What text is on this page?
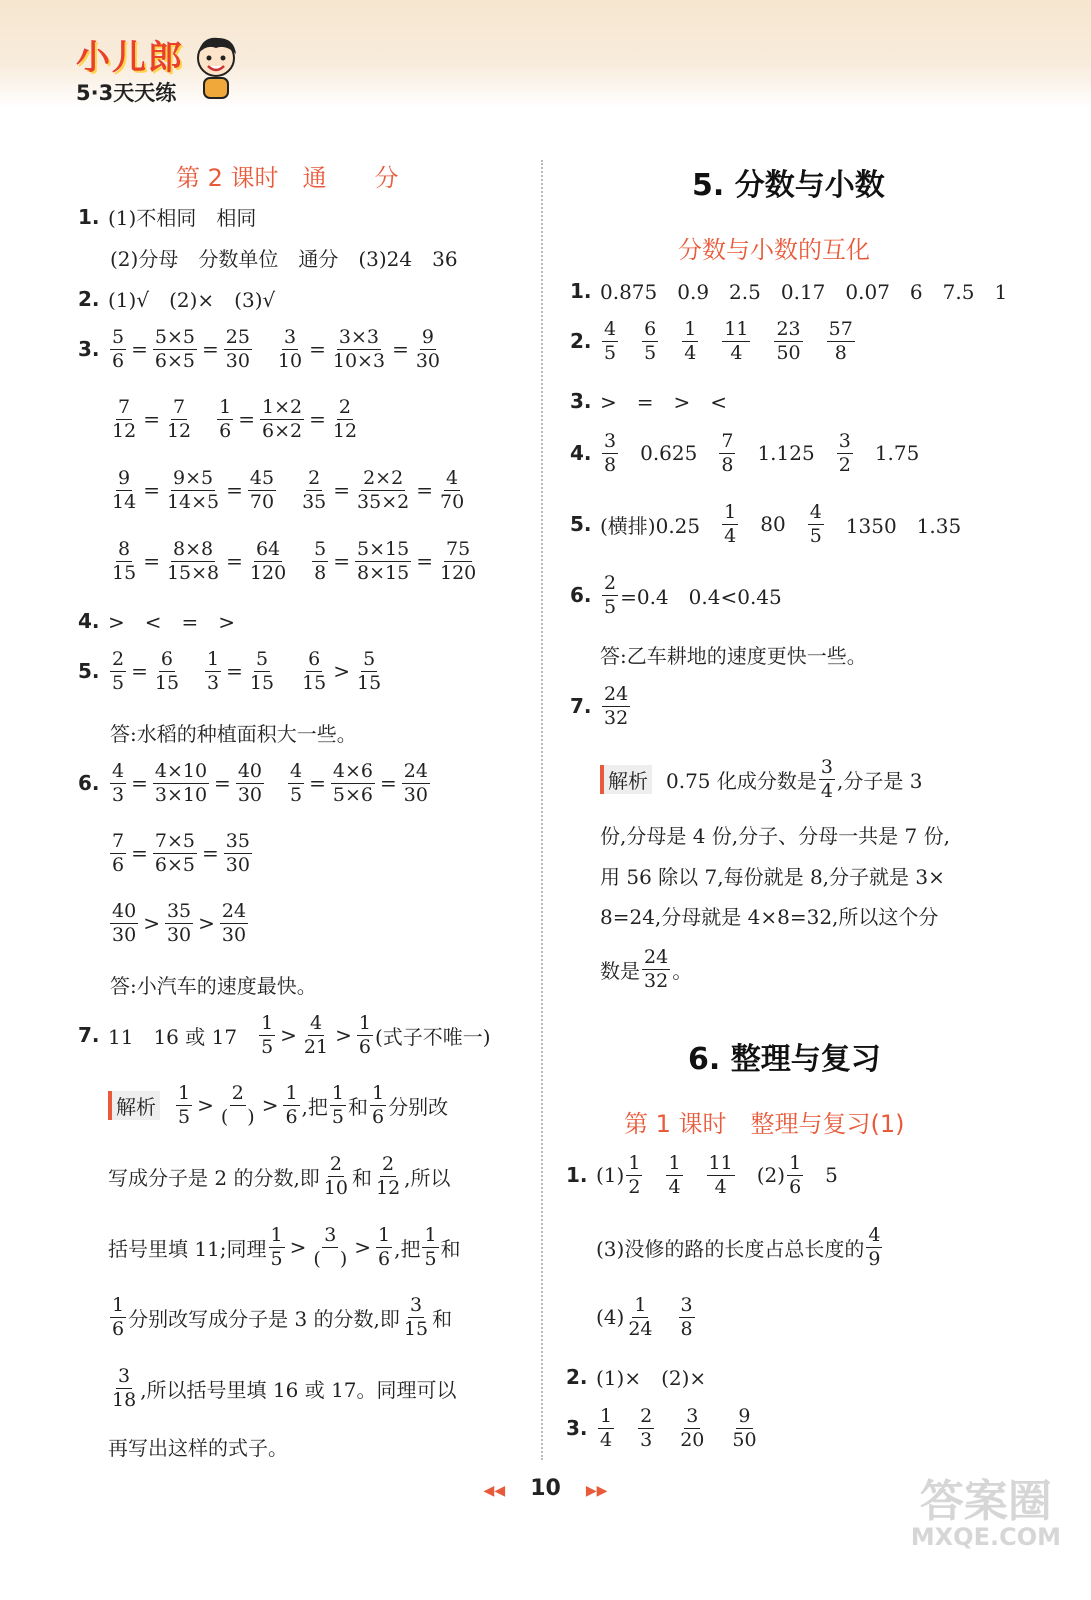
小儿郎
5·3天天练
第 2 课时　通　　分
1. (1)不相同　相同
(2)分母　分数单位　通分　(3)24　36
2. (1)√　(2)×　(3)√
3. $\frac{5}{6} = \frac{5\times 5}{6\times 5} = \frac{25}{30} \frac{3}{10} = \frac{3\times 3}{10\times 3} = \frac{9}{30}$
$\frac{7}{12} = \frac{7}{12} \frac{1}{6} = \frac{1\times 2}{6\times 2} = \frac{2}{12}$
$\frac{9}{14} = \frac{9\times 5}{14\times 5} = \frac{45}{70} \frac{2}{35} = \frac{2\times 2}{35\times 2} = \frac{4}{70}$
$\frac{8}{15} = \frac{8\times 8}{15\times 8} = \frac{64}{120} \frac{5}{8} = \frac{5\times 15}{8\times 15} = \frac{75}{120}$
4. >　<　=　>
5. $\frac{2}{5} = \frac{6}{15} \frac{1}{3} = \frac{5}{15} \frac{6}{15} > \frac{5}{15}$
答:水稻的种植面积大一些。
6. $\frac{4}{3} = \frac{4\times 10}{3\times 10} = \frac{40}{30} \frac{4}{5} = \frac{4\times 6}{5\times 6} = \frac{24}{30}$
$\frac{7}{6} = \frac{7\times 5}{6\times 5} = \frac{35}{30}$
$\frac{40}{30} > \frac{35}{30} > \frac{24}{30}$
答:小汽车的速度最快。
7. 11　16 或 $17 \frac{1}{5} > \frac{4}{21} > \frac{1}{6}$ (式子不唯一)
解析 $\frac{1}{5} > \frac{2}{( )} > \frac{1}{6}$ ,把 $\frac{1}{5}$ 和 $\frac{1}{6}$ 分别改
写成分子是 2 的分数,即 $\frac{2}{10}$ 和 $\frac{2}{12}$ ,所以
括号里填 11;同理 $\frac{1}{5} > \frac{3}{( )} > \frac{1}{6}$ ,把 $\frac{1}{5}$ 和
$\frac{1}{6}$ 分别改写成分子是 3 的分数,即 $\frac{3}{15}$ 和
$\frac{3}{18}$ ,所以括号里填 16 或 17。同理可以
再写出这样的式子。
5. 分数与小数
分数与小数的互化
1. 0.875　0.9　2.5　0.17　0.07　6　7.5　1
2. $\frac{4}{5} \frac{6}{5} \frac{1}{4} \frac{11}{4} \frac{23}{50} \frac{57}{8}$
3. >　=　>　<
4. $\frac{3}{8} 0.625 \frac{7}{8} 1.125 \frac{3}{2} 1.75$
5. (横排)$0.25 \frac{1}{4} 80 \frac{4}{5} 1350$　1.35
6. $\frac{2}{5} =0.4$　0.4<0.45
答:乙车耕地的速度更快一些。
7. $\frac{24}{32}$
解析 0.75 化成分数是 $\frac{3}{4}$ ,分子是 3
份,分母是 4 份,分子、分母一共是 7 份,
用 56 除以 7,每份就是 8,分子就是 3×
8=24,分母就是 4×8=32,所以这个分
数是 $\frac{24}{32}$ 。
6. 整理与复习
第 1 课时　整理与复习(1)
1. $(1) \frac{1}{2} \frac{1}{4} \frac{11}{4} (2) \frac{1}{6} 5$
(3)没修的路的长度占总长度的 $\frac{4}{9}$
$(4) \frac{1}{24} \frac{3}{8}$
2. (1)×　(2)×
3. $\frac{1}{4} \frac{2}{3} \frac{3}{20} \frac{9}{50}$
◀◀ 10 ▶▶	答案圈
MXQE.COM
